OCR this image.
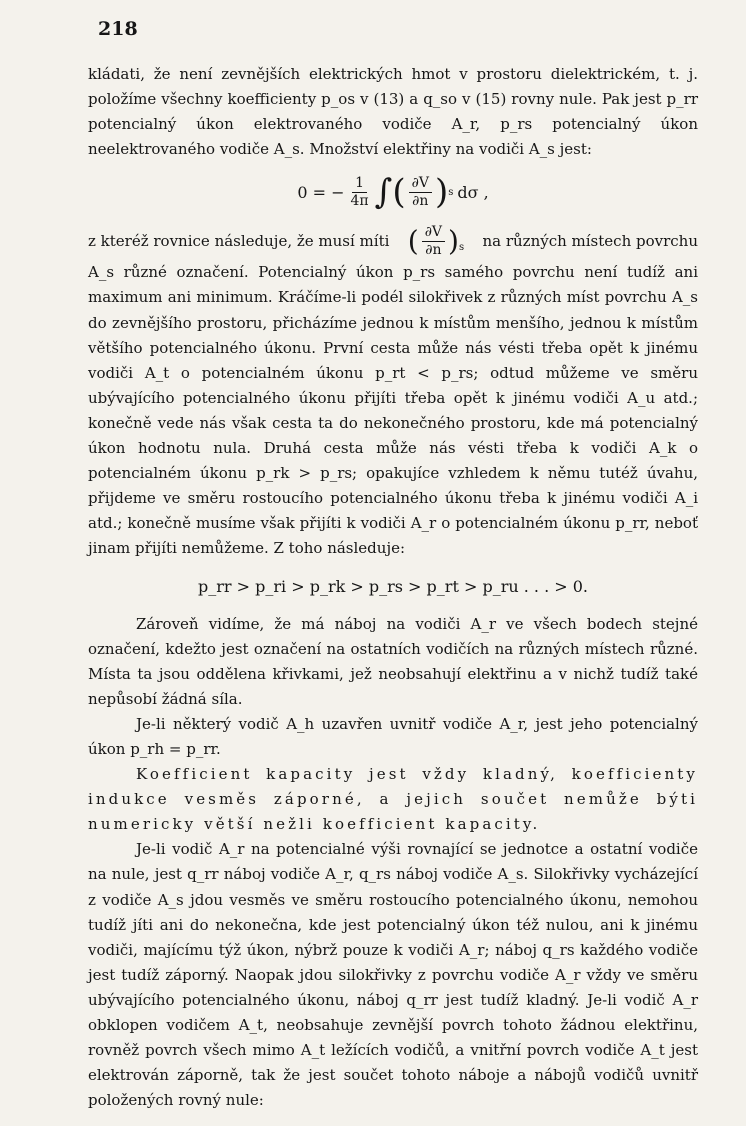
218

kládati, že není zevnějších elektrických hmot v prostoru dielektrickém, t. j. položíme všechny koefficienty p_os v (13) a q_so v (15) rovny nule. Pak jest p_rr potencialný úkon elektrovaného vodiče A_r, p_rs potencialný úkon neelektrovaného vodiče A_s. Množství elektřiny na vodiči A_s jest:

0 = − $\frac{1}{4\pi}$ ∫ ( $\frac{\partial V}{\partial n}$ ) s dσ ,
z kteréž rovnice následuje, že musí míti ( $\frac{\partial V}{\partial n} )_s$ na různých místech povrchu

A_s různé označení. Potencialný úkon p_rs samého povrchu není tudíž ani maximum ani minimum. Kráčíme-li podél silokřivek z různých míst povrchu A_s do zevnějšího prostoru, přicházíme jednou k místům menšího, jednou k místům většího potencialného úkonu. První cesta může nás vésti třeba opět k jinému vodiči A_t o potencialném úkonu p_rt < p_rs; odtud můžeme ve směru ubývajícího potencialného úkonu přijíti třeba opět k jinému vodiči A_u atd.; konečně vede nás však cesta ta do nekonečného prostoru, kde má potencialný úkon hodnotu nula. Druhá cesta může nás vésti třeba k vodiči A_k o potencialném úkonu p_rk > p_rs; opakujíce vzhledem k němu tutéž úvahu, přijdeme ve směru rostoucího potencialného úkonu třeba k jinému vodiči A_i atd.; konečně musíme však přijíti k vodiči A_r o potencialném úkonu p_rr, neboť jinam přijíti nemůžeme. Z toho následuje:

p_rr > p_ri > p_rk > p_rs > p_rt > p_ru . . . > 0.

Zároveň vidíme, že má náboj na vodiči A_r ve všech bodech stejné označení, kdežto jest označení na ostatních vodičích na různých místech různé. Místa ta jsou oddělena křivkami, jež neobsahují elektřinu a v nichž tudíž také nepůsobí žádná síla.

Je-li některý vodič A_h uzavřen uvnitř vodiče A_r, jest jeho potencialný úkon p_rh = p_rr.

Koefficient kapacity jest vždy kladný, koefficienty indukce vesměs záporné, a jejich součet nemůže býti numericky větší nežli koefficient kapacity.

Je-li vodič A_r na potencialné výši rovnající se jednotce a ostatní vodiče na nule, jest q_rr náboj vodiče A_r, q_rs náboj vodiče A_s. Silokřivky vycházející z vodiče A_s jdou vesměs ve směru rostoucího potencialného úkonu, nemohou tudíž jíti ani do nekonečna, kde jest potencialný úkon též nulou, ani k jinému vodiči, majícímu týž úkon, nýbrž pouze k vodiči A_r; náboj q_rs každého vodiče jest tudíž záporný. Naopak jdou silokřivky z povrchu vodiče A_r vždy ve směru ubývajícího potencialného úkonu, náboj q_rr jest tudíž kladný. Je-li vodič A_r obklopen vodičem A_t, neobsahuje zevnější povrch tohoto žádnou elektřinu, rovněž povrch všech mimo A_t ležících vodičů, a vnitřní povrch vodiče A_t jest elektrován záporně, tak že jest součet tohoto náboje a nábojů vodičů uvnitř položených rovný nule:
